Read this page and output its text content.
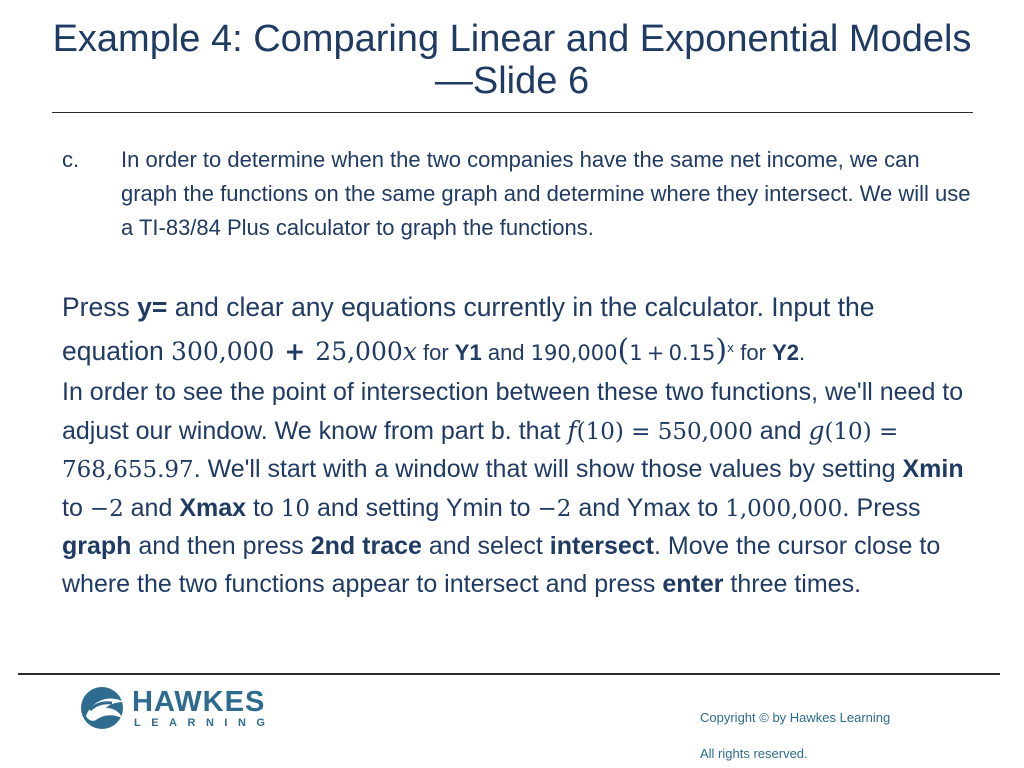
Example 4: Comparing Linear and Exponential Models—Slide 6
c. In order to determine when the two companies have the same net income, we can graph the functions on the same graph and determine where they intersect. We will use a TI-83/84 Plus calculator to graph the functions.
Press y= and clear any equations currently in the calculator. Input the equation 300,000 + 25,000x for Y1 and $190,000(1 + 0.15)^x$ for Y2.
In order to see the point of intersection between these two functions, we'll need to adjust our window. We know from part b. that f(10) = 550,000 and g(10) = 768,655.97. We'll start with a window that will show those values by setting Xmin to −2 and Xmax to 10 and setting Ymin to −2 and Ymax to 1,000,000. Press graph and then press 2nd trace and select intersect. Move the cursor close to where the two functions appear to intersect and press enter three times.
HAWKES
LEARNING	Copyright © by Hawkes Learning
All rights reserved.
